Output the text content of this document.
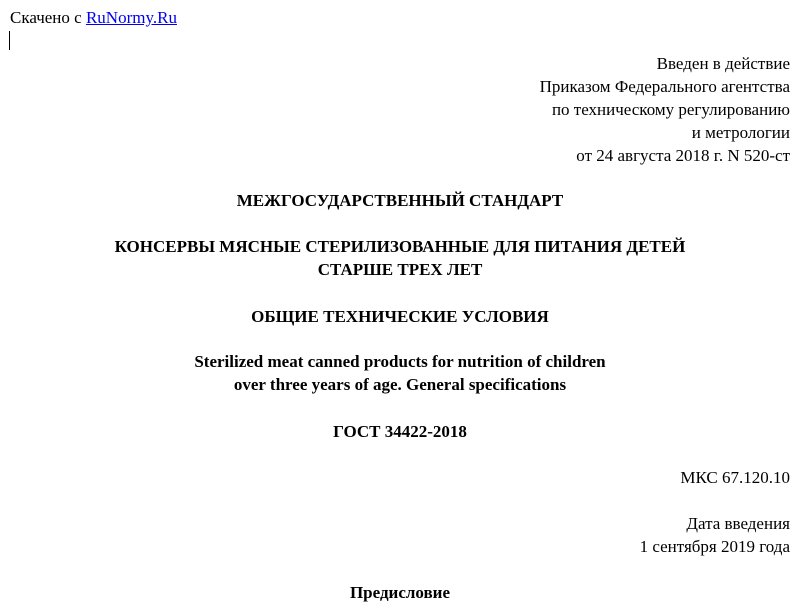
Скачено с RuNormy.Ru
Введен в действие
Приказом Федерального агентства
по техническому регулированию
и метрологии
от 24 августа 2018 г. N 520-ст
МЕЖГОСУДАРСТВЕННЫЙ СТАНДАРТ
КОНСЕРВЫ МЯСНЫЕ СТЕРИЛИЗОВАННЫЕ ДЛЯ ПИТАНИЯ ДЕТЕЙ
СТАРШЕ ТРЕХ ЛЕТ
ОБЩИЕ ТЕХНИЧЕСКИЕ УСЛОВИЯ
Sterilized meat canned products for nutrition of children
over three years of age. General specifications
ГОСТ 34422-2018
МКС 67.120.10
Дата введения
1 сентября 2019 года
Предисловие
